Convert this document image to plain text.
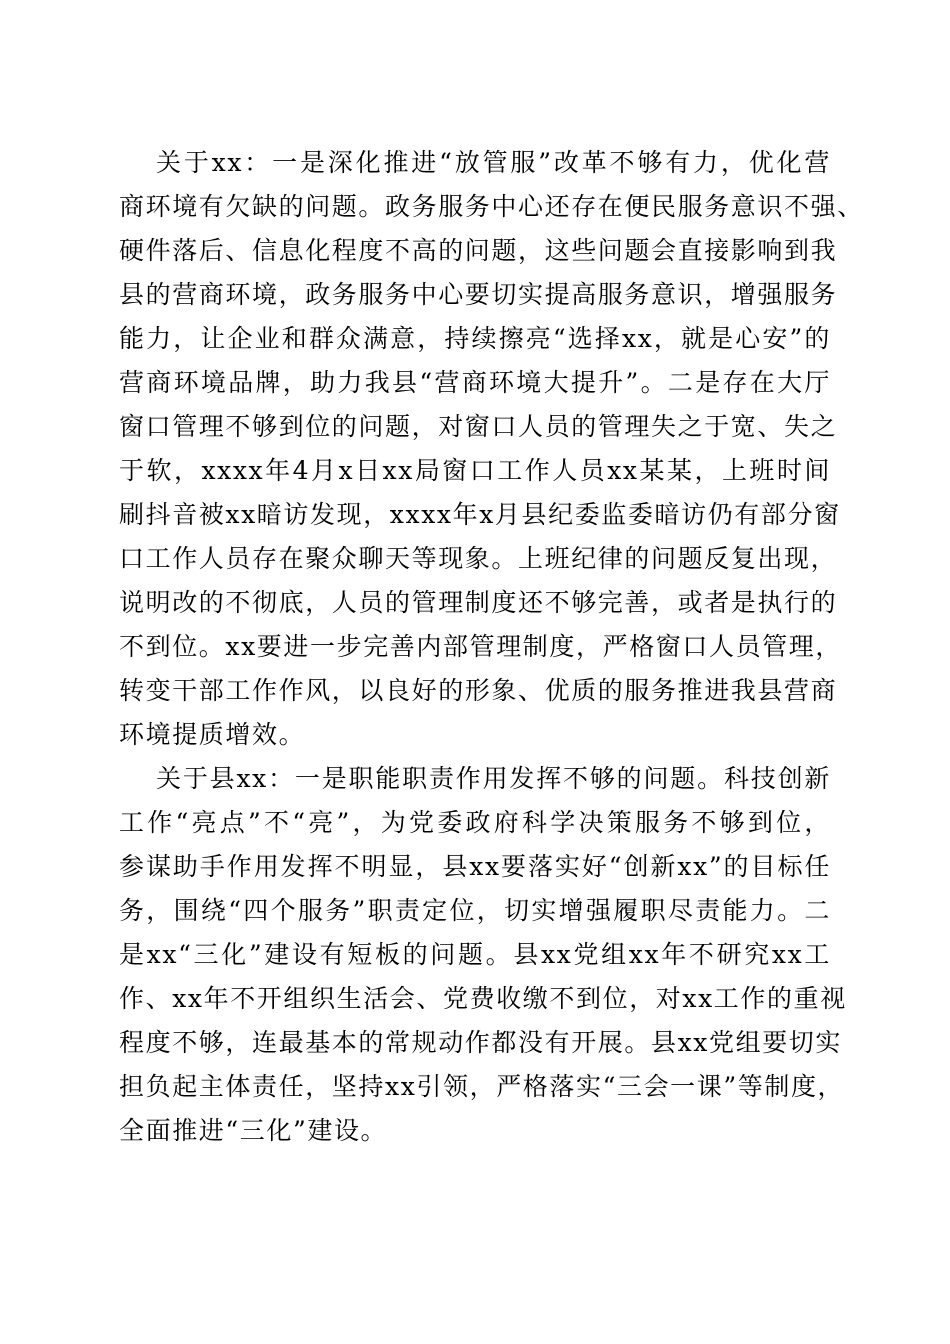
关于xx：一是深化推进“放管服”改革不够有力，优化营
商环境有欠缺的问题。政务服务中心还存在便民服务意识不强、
硬件落后、信息化程度不高的问题，这些问题会直接影响到我
县的营商环境，政务服务中心要切实提高服务意识，增强服务
能力，让企业和群众满意，持续擦亮“选择xx，就是心安”的
营商环境品牌，助力我县“营商环境大提升”。二是存在大厅
窗口管理不够到位的问题，对窗口人员的管理失之于宽、失之
于软，xxxx年4月x日xx局窗口工作人员xx某某，上班时间
刷抖音被xx暗访发现，xxxx年x月县纪委监委暗访仍有部分窗
口工作人员存在聚众聊天等现象。上班纪律的问题反复出现，
说明改的不彻底，人员的管理制度还不够完善，或者是执行的
不到位。xx要进一步完善内部管理制度，严格窗口人员管理，
转变干部工作作风，以良好的形象、优质的服务推进我县营商
环境提质增效。
关于县xx：一是职能职责作用发挥不够的问题。科技创新
工作“亮点”不“亮”，为党委政府科学决策服务不够到位，
参谋助手作用发挥不明显，县xx要落实好“创新xx”的目标任
务，围绕“四个服务”职责定位，切实增强履职尽责能力。二
是xx“三化”建设有短板的问题。县xx党组xx年不研究xx工
作、xx年不开组织生活会、党费收缴不到位，对xx工作的重视
程度不够，连最基本的常规动作都没有开展。县xx党组要切实
担负起主体责任，坚持xx引领，严格落实“三会一课”等制度，
全面推进“三化”建设。
